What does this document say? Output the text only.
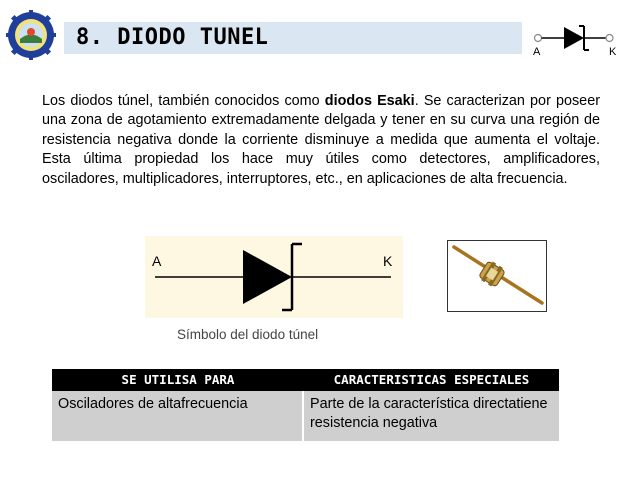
8. DIODO TUNEL
A	K
Los diodos túnel, también conocidos como diodos Esaki. Se caracterizan por poseer una zona de agotamiento extremadamente delgada y tener en su curva una región de resistencia negativa donde la corriente disminuye a medida que aumenta el voltaje. Esta última propiedad los hace muy útiles como detectores, amplificadores, osciladores, multiplicadores, interruptores, etc., en aplicaciones de alta frecuencia.
A	K
Símbolo del diodo túnel
SE UTILISA PARA	CARACTERISTICAS ESPECIALES
Osciladores de altafrecuencia	Parte de la característica directatiene resistencia negativa
